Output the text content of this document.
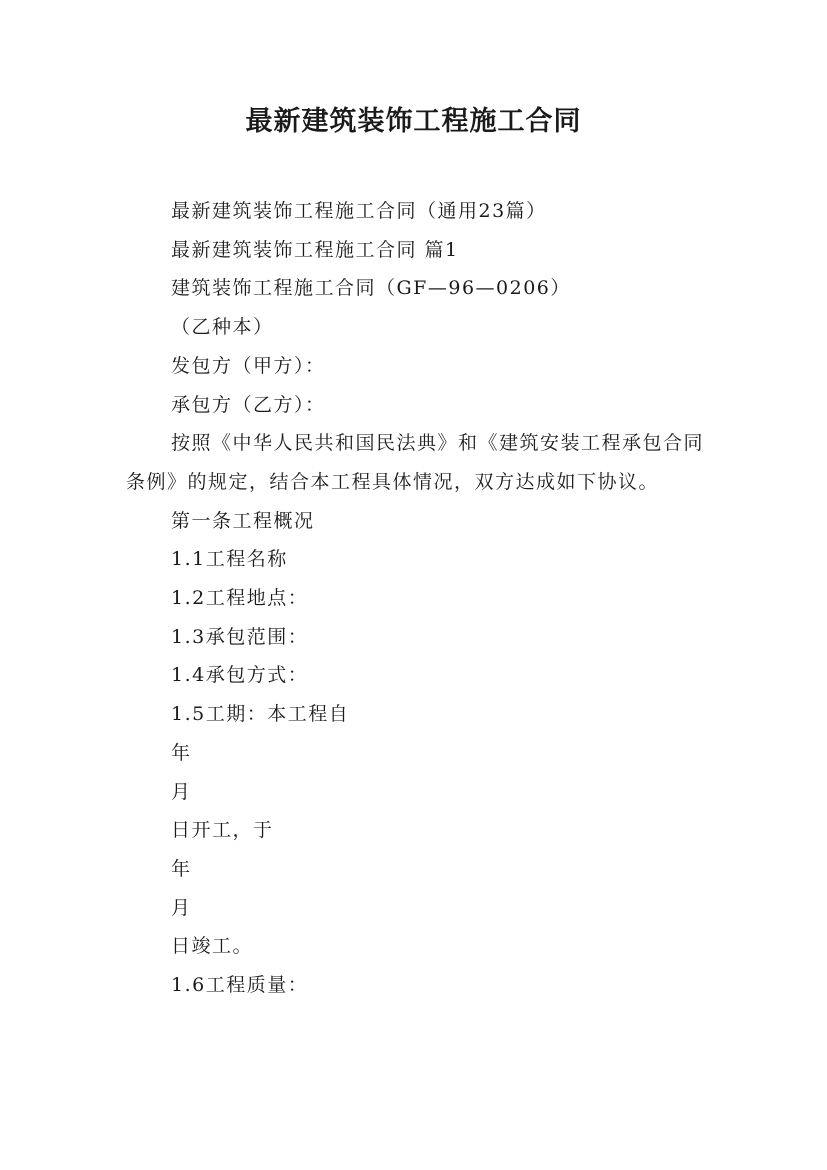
最新建筑装饰工程施工合同

最新建筑装饰工程施工合同（通用23篇）

最新建筑装饰工程施工合同 篇1

建筑装饰工程施工合同（GF—96—0206）

（乙种本）

发包方（甲方）：

承包方（乙方）：

按照《中华人民共和国民法典》和《建筑安装工程承包合同条例》的规定，结合本工程具体情况，双方达成如下协议。

第一条工程概况

1.1工程名称

1.2工程地点：

1.3承包范围：

1.4承包方式：

1.5工期：本工程自

年

月

日开工，于

年

月

日竣工。

1.6工程质量：
